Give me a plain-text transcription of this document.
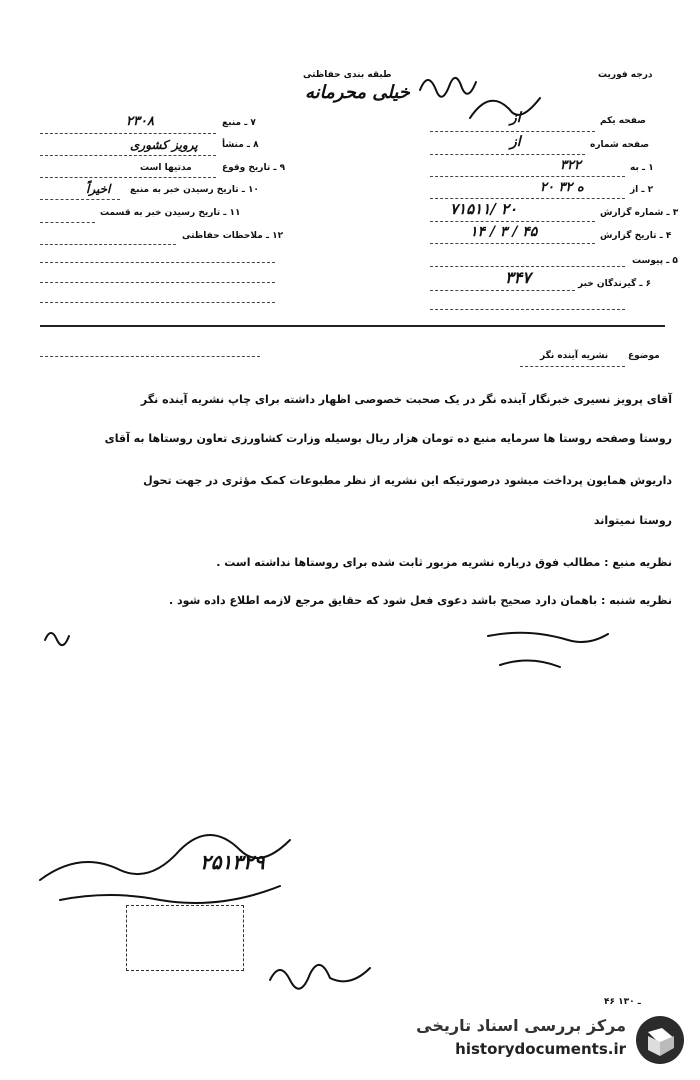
طبقه بندی حفاظتی
خیلی محرمانه
درجه فوریت
۷ ـ منبع
۲۳۰۸
۸ ـ منشأ
پرویز کشوری
۹ ـ تاریخ وقوع
مدتیها است
۱۰ ـ تاریخ رسیدن خبر به منبع
اخیراً
۱۱ ـ تاریخ رسیدن خبر به قسمت
۱۲ ـ ملاحظات حفاظتی
صفحه یکم
از
صفحه شماره
از
۱ ـ به
۳۲۲
۲ ـ از
۲۰ ه ۳۲
۳ ـ شماره گزارش
۷۱۵۱۱/ ۲۰
۴ ـ تاریخ گزارش
۱۴ / ۳ / ۴۵
۵ ـ پیوست
۶ ـ گیرندگان خبر
۳۴۷
موضوع
نشریه آینده نگر
آقای پرویز نسیری خبرنگار آینده نگر در یک صحبت خصوصی اظهار داشته برای چاپ نشریه آینده نگر
روستا وصفحه روستا ها سرمایه منبع ده تومان هزار ریال بوسیله وزارت کشاورزی تعاون روستاها به آقای
داریوش همایون پرداخت میشود درصورتیکه این نشریه از نظر مطبوعات کمک مؤثری در جهت تحول
روستا نمیتواند
نظریه منبع : مطالب فوق درباره نشریه مزبور ثابت شده برای روستاها نداشته است .
نظریه شنبه : باهمان دارد صحیح باشد دعوی فعل شود که حقایق مرجع لازمه اطلاع داده شود .
۲۵۱۳۲۹
۴۶ ـ ۱۳۰
مرکز بررسی اسناد تاریخی
historydocuments.ir
